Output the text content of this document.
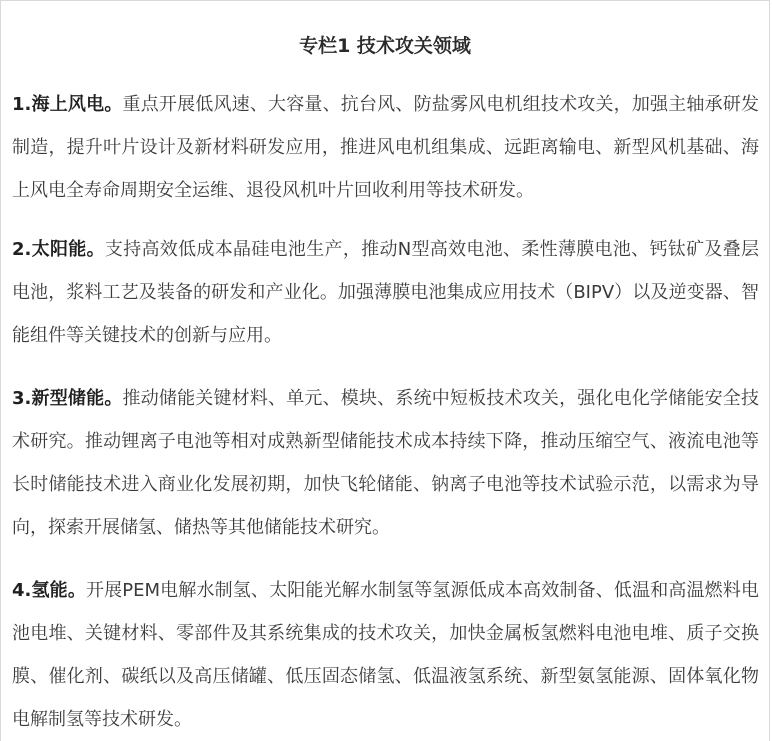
专栏1 技术攻关领域
1.海上风电。重点开展低风速、大容量、抗台风、防盐雾风电机组技术攻关，加强主轴承研发制造，提升叶片设计及新材料研发应用，推进风电机组集成、远距离输电、新型风机基础、海上风电全寿命周期安全运维、退役风机叶片回收利用等技术研发。
2.太阳能。支持高效低成本晶硅电池生产，推动N型高效电池、柔性薄膜电池、钙钛矿及叠层电池，浆料工艺及装备的研发和产业化。加强薄膜电池集成应用技术（BIPV）以及逆变器、智能组件等关键技术的创新与应用。
3.新型储能。推动储能关键材料、单元、模块、系统中短板技术攻关，强化电化学储能安全技术研究。推动锂离子电池等相对成熟新型储能技术成本持续下降，推动压缩空气、液流电池等长时储能技术进入商业化发展初期，加快飞轮储能、钠离子电池等技术试验示范，以需求为导向，探索开展储氢、储热等其他储能技术研究。
4.氢能。开展PEM电解水制氢、太阳能光解水制氢等氢源低成本高效制备、低温和高温燃料电池电堆、关键材料、零部件及其系统集成的技术攻关，加快金属板氢燃料电池电堆、质子交换膜、催化剂、碳纸以及高压储罐、低压固态储氢、低温液氢系统、新型氨氢能源、固体氧化物电解制氢等技术研发。
